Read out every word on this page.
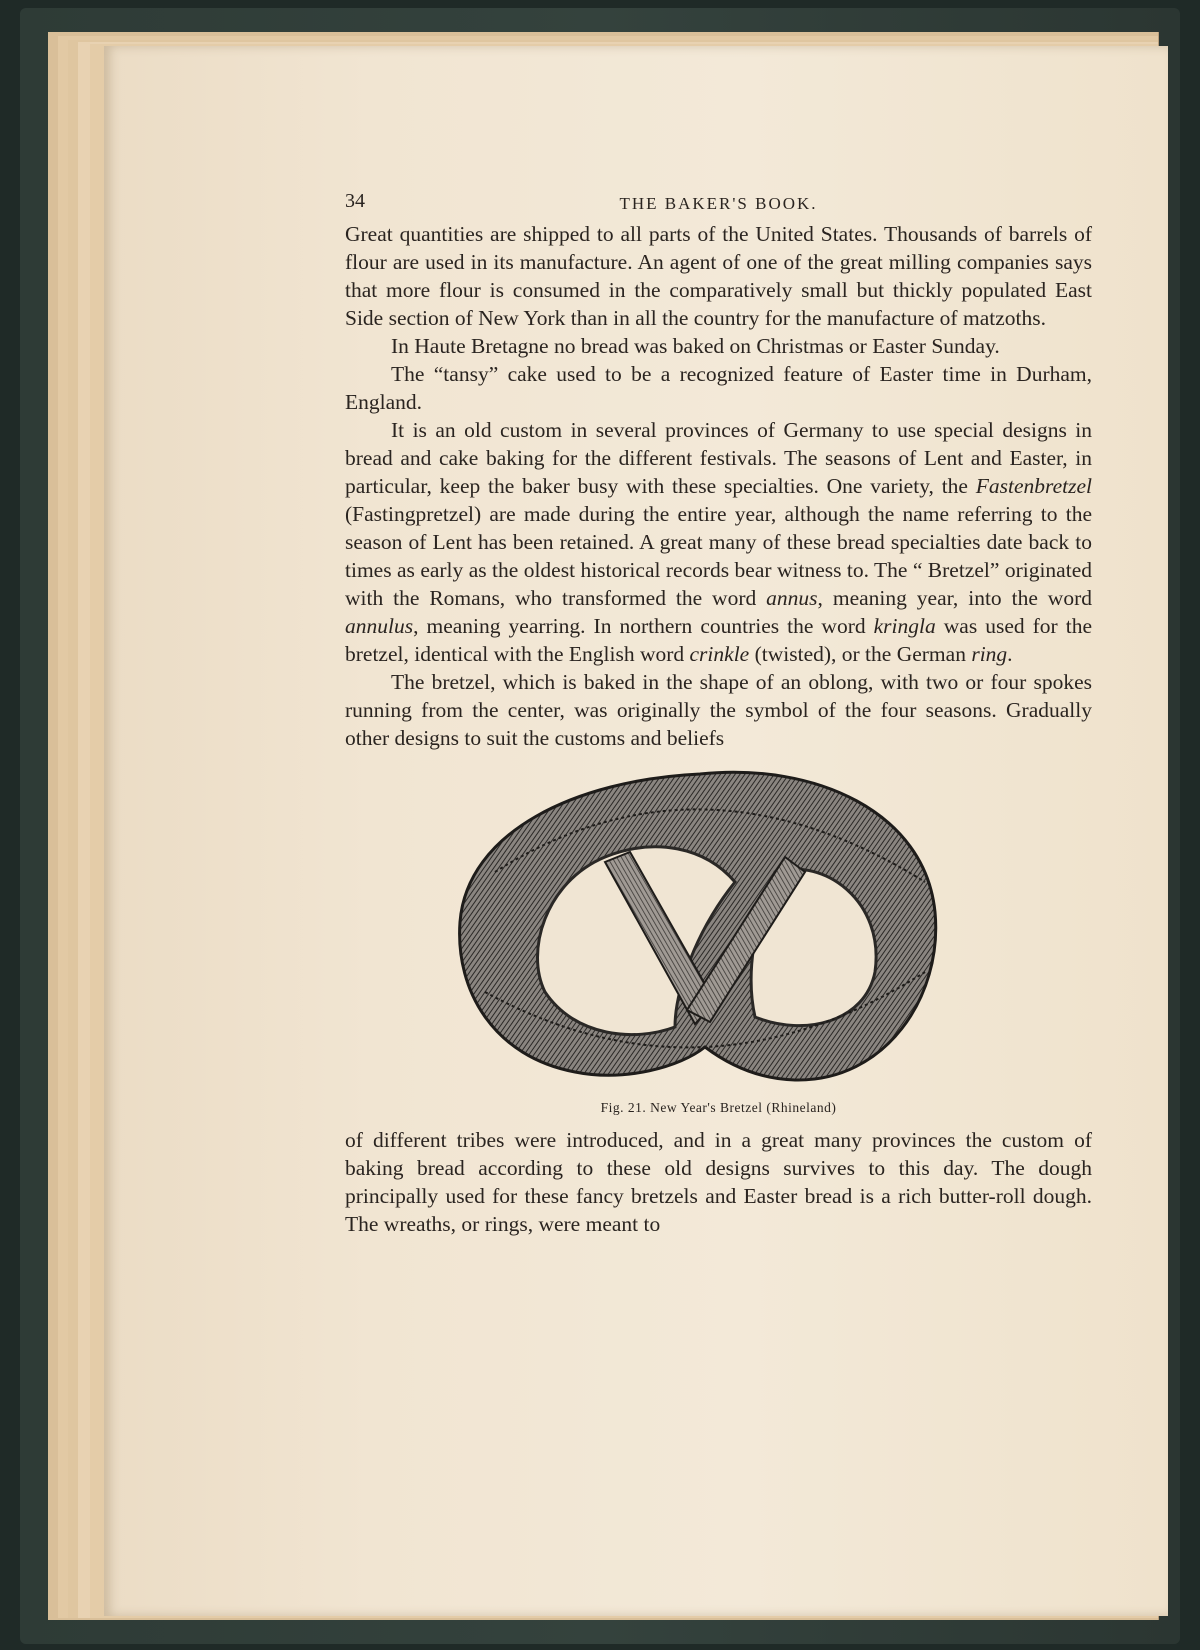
34	THE BAKER'S BOOK.

Great quantities are shipped to all parts of the United States. Thousands of barrels of flour are used in its manufacture. An agent of one of the great milling companies says that more flour is consumed in the comparatively small but thickly populated East Side section of New York than in all the country for the manufacture of matzoths.

In Haute Bretagne no bread was baked on Christmas or Easter Sunday.

The “tansy” cake used to be a recognized feature of Easter time in Durham, England.

It is an old custom in several provinces of Germany to use special designs in bread and cake baking for the different festivals. The seasons of Lent and Easter, in particular, keep the baker busy with these specialties. One variety, the Fastenbretzel (Fastingpretzel) are made during the entire year, although the name referring to the season of Lent has been retained. A great many of these bread specialties date back to times as early as the oldest historical records bear witness to. The “ Bretzel” originated with the Romans, who transformed the word annus, meaning year, into the word annulus, meaning yearring. In northern countries the word kringla was used for the bretzel, identical with the English word crinkle (twisted), or the German ring.

The bretzel, which is baked in the shape of an oblong, with two or four spokes running from the center, was originally the symbol of the four seasons. Gradually other designs to suit the customs and beliefs

Fig. 21. New Year's Bretzel (Rhineland)

of different tribes were introduced, and in a great many provinces the custom of baking bread according to these old designs survives to this day. The dough principally used for these fancy bretzels and Easter bread is a rich butter-roll dough. The wreaths, or rings, were meant to
